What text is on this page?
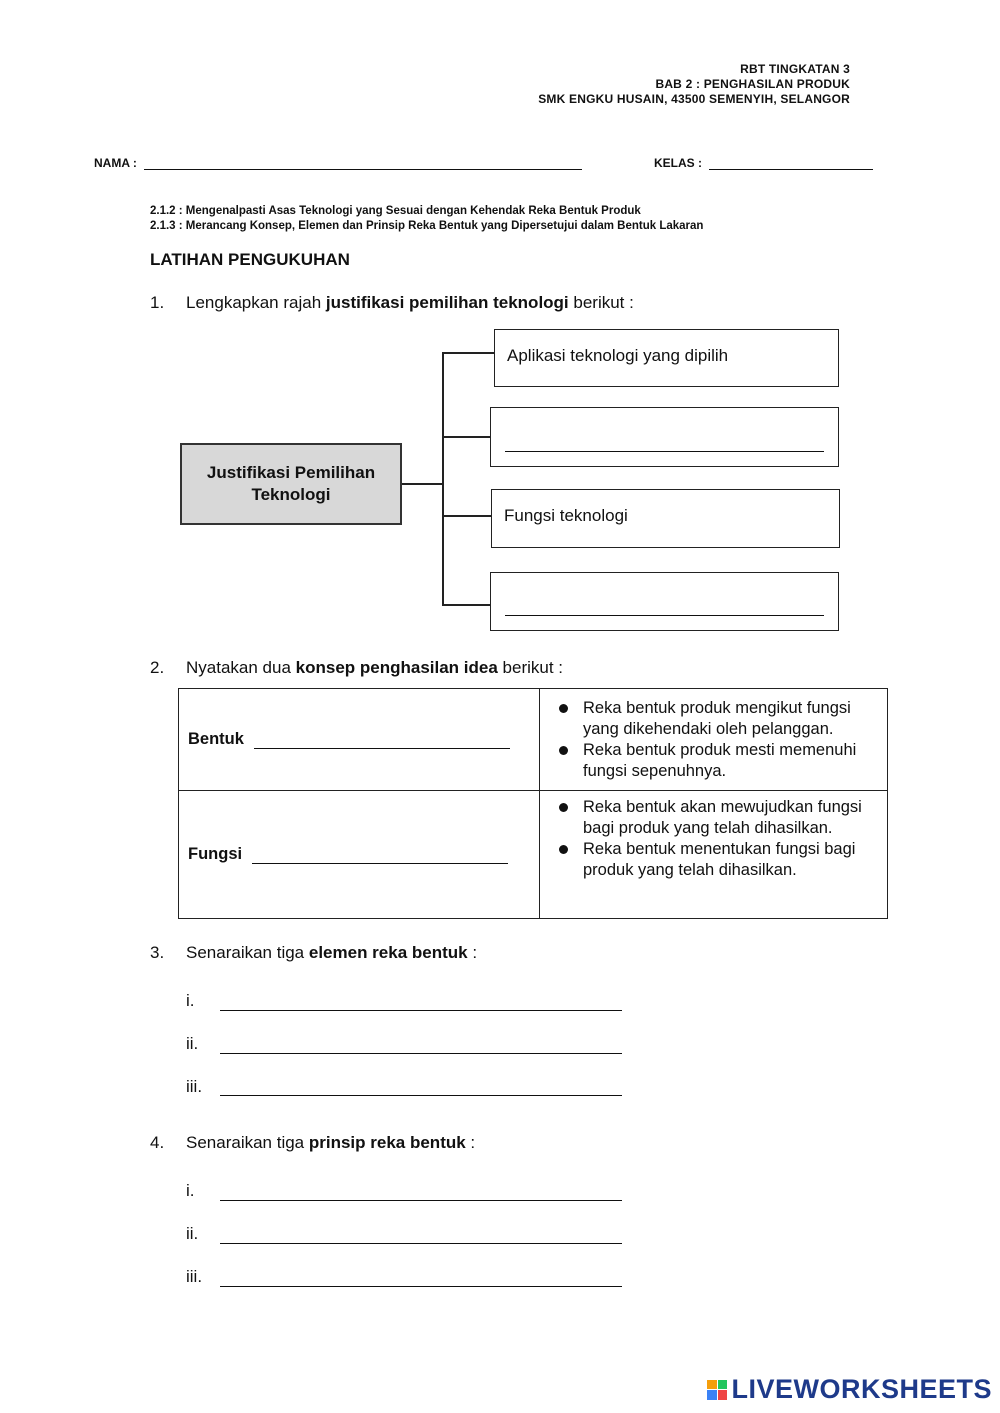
RBT TINGKATAN 3
BAB 2 : PENGHASILAN PRODUK
SMK ENGKU HUSAIN, 43500 SEMENYIH, SELANGOR
NAMA :	KELAS :
2.1.2 : Mengenalpasti Asas Teknologi yang Sesuai dengan Kehendak Reka Bentuk Produk
2.1.3 : Merancang Konsep, Elemen dan Prinsip Reka Bentuk yang Dipersetujui dalam Bentuk Lakaran
LATIHAN PENGUKUHAN
1. Lengkapkan rajah justifikasi pemilihan teknologi berikut :
Justifikasi Pemilihan
Teknologi
Aplikasi teknologi yang dipilih
Fungsi teknologi
2. Nyatakan dua konsep penghasilan idea berikut :
Bentuk	Reka bentuk produk mengikut fungsi yang dikehendaki oleh pelanggan.
Reka bentuk produk mesti memenuhi fungsi sepenuhnya.

Fungsi	Reka bentuk akan mewujudkan fungsi bagi produk yang telah dihasilkan.
Reka bentuk menentukan fungsi bagi produk yang telah dihasilkan.
3. Senaraikan tiga elemen reka bentuk :
i.
ii.
iii.
4. Senaraikan tiga prinsip reka bentuk :
i.
ii.
iii.
LIVEWORKSHEETS
